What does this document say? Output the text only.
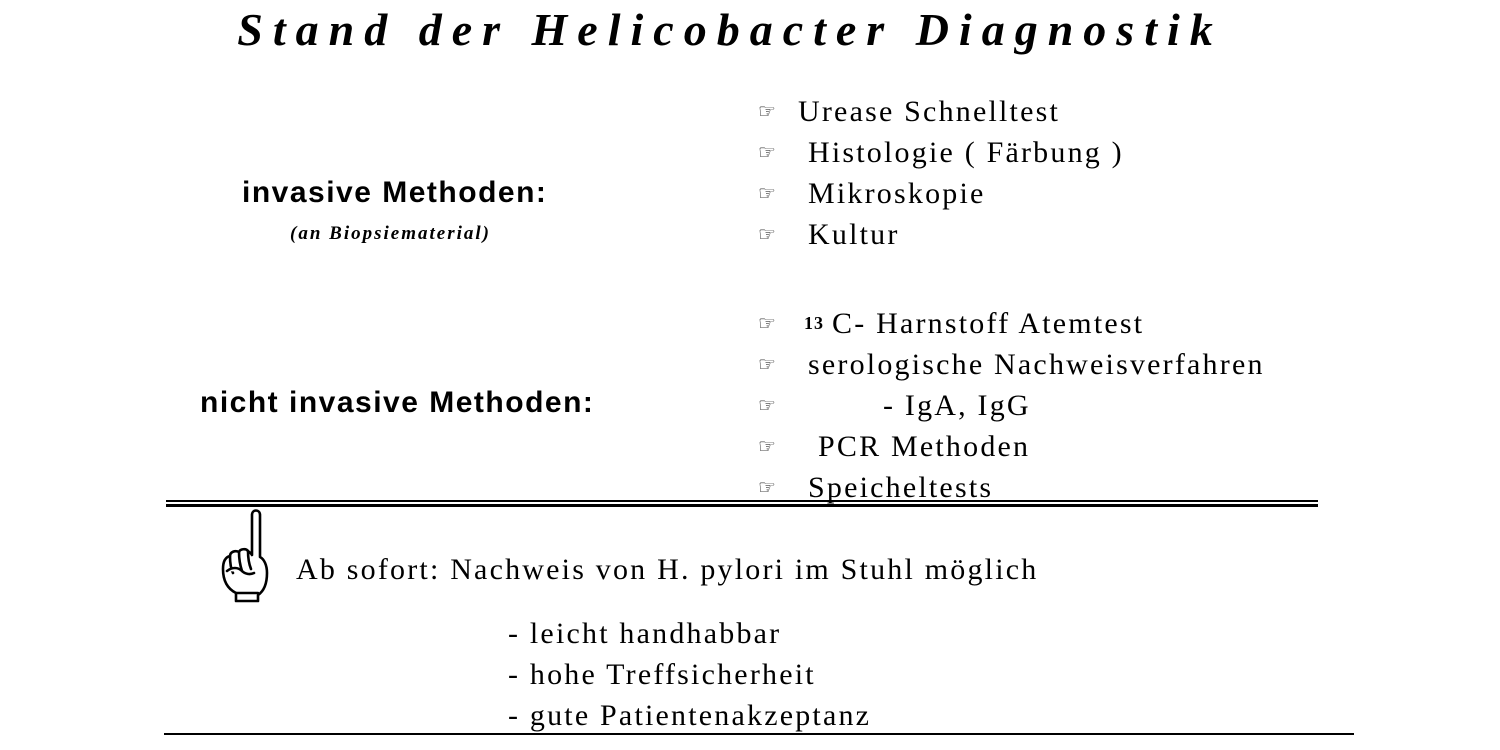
Stand der Helicobacter Diagnostik
invasive Methoden:
(an Biopsiematerial)
☞ Urease Schnelltest
☞ Histologie ( Färbung )
☞ Mikroskopie
☞ Kultur
nicht invasive Methoden:
☞	13 C- Harnstoff Atemtest
☞ serologische Nachweisverfahren
☞	- IgA, IgG
☞	PCR Methoden
☞ Speicheltests
Ab sofort: Nachweis von H. pylori im Stuhl möglich
- leicht handhabbar
- hohe Treffsicherheit
- gute Patientenakzeptanz
